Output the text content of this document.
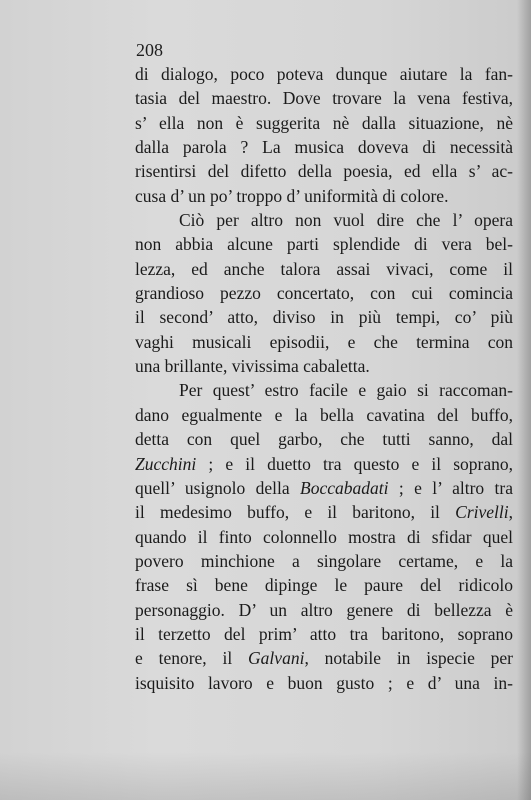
208
di dialogo, poco poteva dunque aiutare la fan-
tasia del maestro. Dove trovare la vena festiva,
s’ ella non è suggerita nè dalla situazione, nè
dalla parola ? La musica doveva di necessità
risentirsi del difetto della poesia, ed ella s’ ac-
cusa d’ un po’ troppo d’ uniformità di colore.
Ciò per altro non vuol dire che l’ opera
non abbia alcune parti splendide di vera bel-
lezza, ed anche talora assai vivaci, come il
grandioso pezzo concertato, con cui comincia
il second’ atto, diviso in più tempi, co’ più
vaghi musicali episodii, e che termina con
una brillante, vivissima cabaletta.
Per quest’ estro facile e gaio si raccoman-
dano egualmente e la bella cavatina del buffo,
detta con quel garbo, che tutti sanno, dal
Zucchini ; e il duetto tra questo e il soprano,
quell’ usignolo della Boccabadati ; e l’ altro tra
il medesimo buffo, e il baritono, il Crivelli,
quando il finto colonnello mostra di sfidar quel
povero minchione a singolare certame, e la
frase sì bene dipinge le paure del ridicolo
personaggio. D’ un altro genere di bellezza è
il terzetto del prim’ atto tra baritono, soprano
e tenore, il Galvani, notabile in ispecie per
isquisito lavoro e buon gusto ; e d’ una in-
